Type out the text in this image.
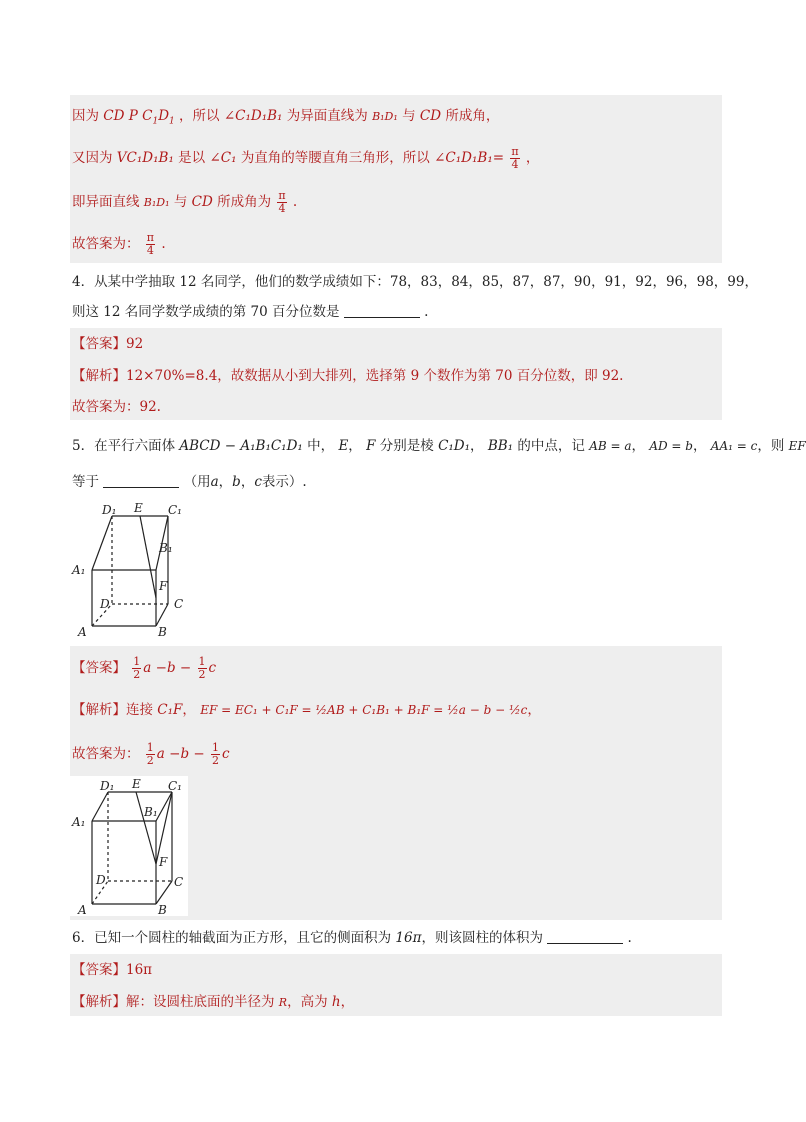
因为 CD P $C_1D_1$ ，所以 ∠C₁D₁B₁ 为异面直线为 B₁D₁ 与 CD 所成角，
又因为 VC₁D₁B₁ 是以 ∠C₁ 为直角的等腰直角三角形，所以 ∠C₁D₁B₁= $\frac{\pi}{4}$ ，
即异面直线 B₁D₁ 与 CD 所成角为 $\frac{\pi}{4}$ .
故答案为： $\frac{\pi}{4}$ .
4．从某中学抽取 12 名同学，他们的数学成绩如下：78，83，84，85，87，87，90，91，92，96，98，99，
则这 12 名同学数学成绩的第 70 百分位数是	.
【答案】92
【解析】12×70%=8.4，故数据从小到大排列，选择第 9 个数作为第 70 百分位数，即 92.
故答案为：92.
5．在平行六面体 ABCD − A₁B₁C₁D₁ 中， E， F 分别是棱 C₁D₁， BB₁ 的中点，记 AB = a， AD = b， AA₁ = c，则 EF
等于	（用a，b，c表示）.
D₁ E C₁
A₁
B₁
F
D	C
A	B
【答案】 $\frac{1}{2}$ $a -b - \frac{1}{2}$ c
【解析】连接 C₁F， EF = EC₁ + C₁F = ½AB + C₁B₁ + B₁F = ½a − b − ½c，
故答案为： $\frac{1}{2}$ $a -b - \frac{1}{2}$ c
D₁ E C₁
A₁
B₁
F
D	C
A	B
6．已知一个圆柱的轴截面为正方形，且它的侧面积为 16π，则该圆柱的体积为	.
【答案】16π
【解析】解：设圆柱底面的半径为 R，高为 h，
